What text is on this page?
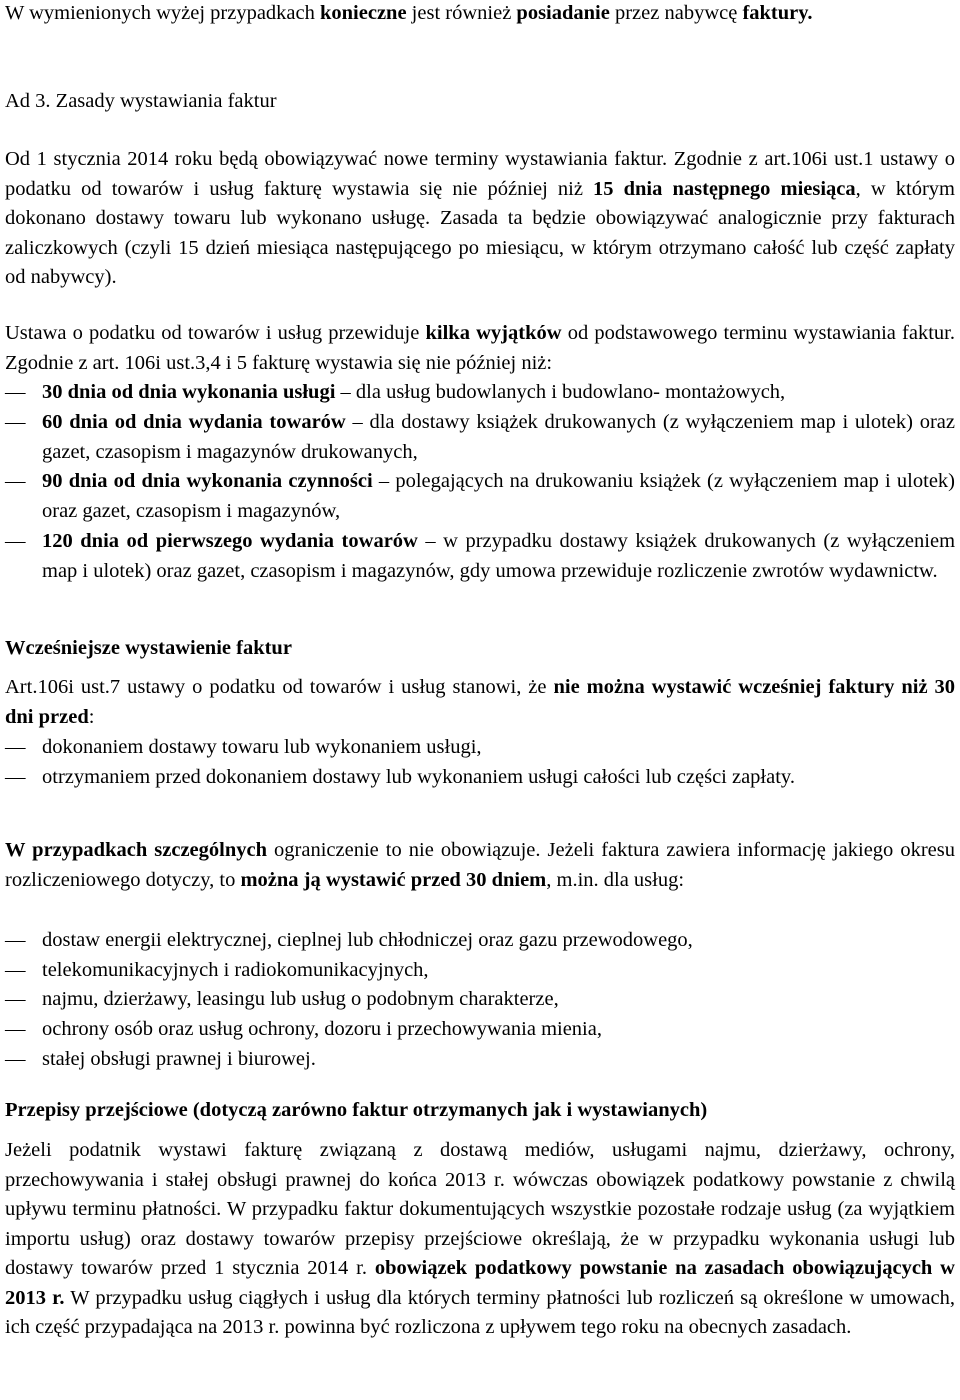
W wymienionych wyżej przypadkach konieczne jest również posiadanie przez nabywcę faktury.

Ad 3. Zasady wystawiania faktur

Od 1 stycznia 2014 roku będą obowiązywać nowe terminy wystawiania faktur. Zgodnie z art.106i ust.1 ustawy o podatku od towarów i usług fakturę wystawia się nie później niż 15 dnia następnego miesiąca, w którym dokonano dostawy towaru lub wykonano usługę. Zasada ta będzie obowiązywać analogicznie przy fakturach zaliczkowych (czyli 15 dzień miesiąca następującego po miesiącu, w którym otrzymano całość lub część zapłaty od nabywcy).

Ustawa o podatku od towarów i usług przewiduje kilka wyjątków od podstawowego terminu wystawiania faktur. Zgodnie z art. 106i ust.3,4 i 5 fakturę wystawia się nie później niż:

— 30 dnia od dnia wykonania usługi – dla usług budowlanych i budowlano- montażowych,
— 60 dnia od dnia wydania towarów – dla dostawy książek drukowanych (z wyłączeniem map i ulotek) oraz gazet, czasopism i magazynów drukowanych,
— 90 dnia od dnia wykonania czynności – polegających na drukowaniu książek (z wyłączeniem map i ulotek) oraz gazet, czasopism i magazynów,
— 120 dnia od pierwszego wydania towarów – w przypadku dostawy książek drukowanych (z wyłączeniem map i ulotek) oraz gazet, czasopism i magazynów, gdy umowa przewiduje rozliczenie zwrotów wydawnictw.
Wcześniejsze wystawienie faktur

Art.106i ust.7 ustawy o podatku od towarów i usług stanowi, że nie można wystawić wcześniej faktury niż 30 dni przed:

— dokonaniem dostawy towaru lub wykonaniem usługi,
— otrzymaniem przed dokonaniem dostawy lub wykonaniem usługi całości lub części zapłaty.

W przypadkach szczególnych ograniczenie to nie obowiązuje. Jeżeli faktura zawiera informację jakiego okresu rozliczeniowego dotyczy, to można ją wystawić przed 30 dniem, m.in. dla usług:

— dostaw energii elektrycznej, cieplnej lub chłodniczej oraz gazu przewodowego,
— telekomunikacyjnych i radiokomunikacyjnych,
— najmu, dzierżawy, leasingu lub usług o podobnym charakterze,
— ochrony osób oraz usług ochrony, dozoru i przechowywania mienia,
— stałej obsługi prawnej i biurowej.
Przepisy przejściowe (dotyczą zarówno faktur otrzymanych jak i wystawianych)

Jeżeli podatnik wystawi fakturę związaną z dostawą mediów, usługami najmu, dzierżawy, ochrony, przechowywania i stałej obsługi prawnej do końca 2013 r. wówczas obowiązek podatkowy powstanie z chwilą upływu terminu płatności. W przypadku faktur dokumentujących wszystkie pozostałe rodzaje usług (za wyjątkiem importu usług) oraz dostawy towarów przepisy przejściowe określają, że w przypadku wykonania usługi lub dostawy towarów przed 1 stycznia 2014 r. obowiązek podatkowy powstanie na zasadach obowiązujących w 2013 r. W przypadku usług ciągłych i usług dla których terminy płatności lub rozliczeń są określone w umowach, ich część przypadająca na 2013 r. powinna być rozliczona z upływem tego roku na obecnych zasadach.
